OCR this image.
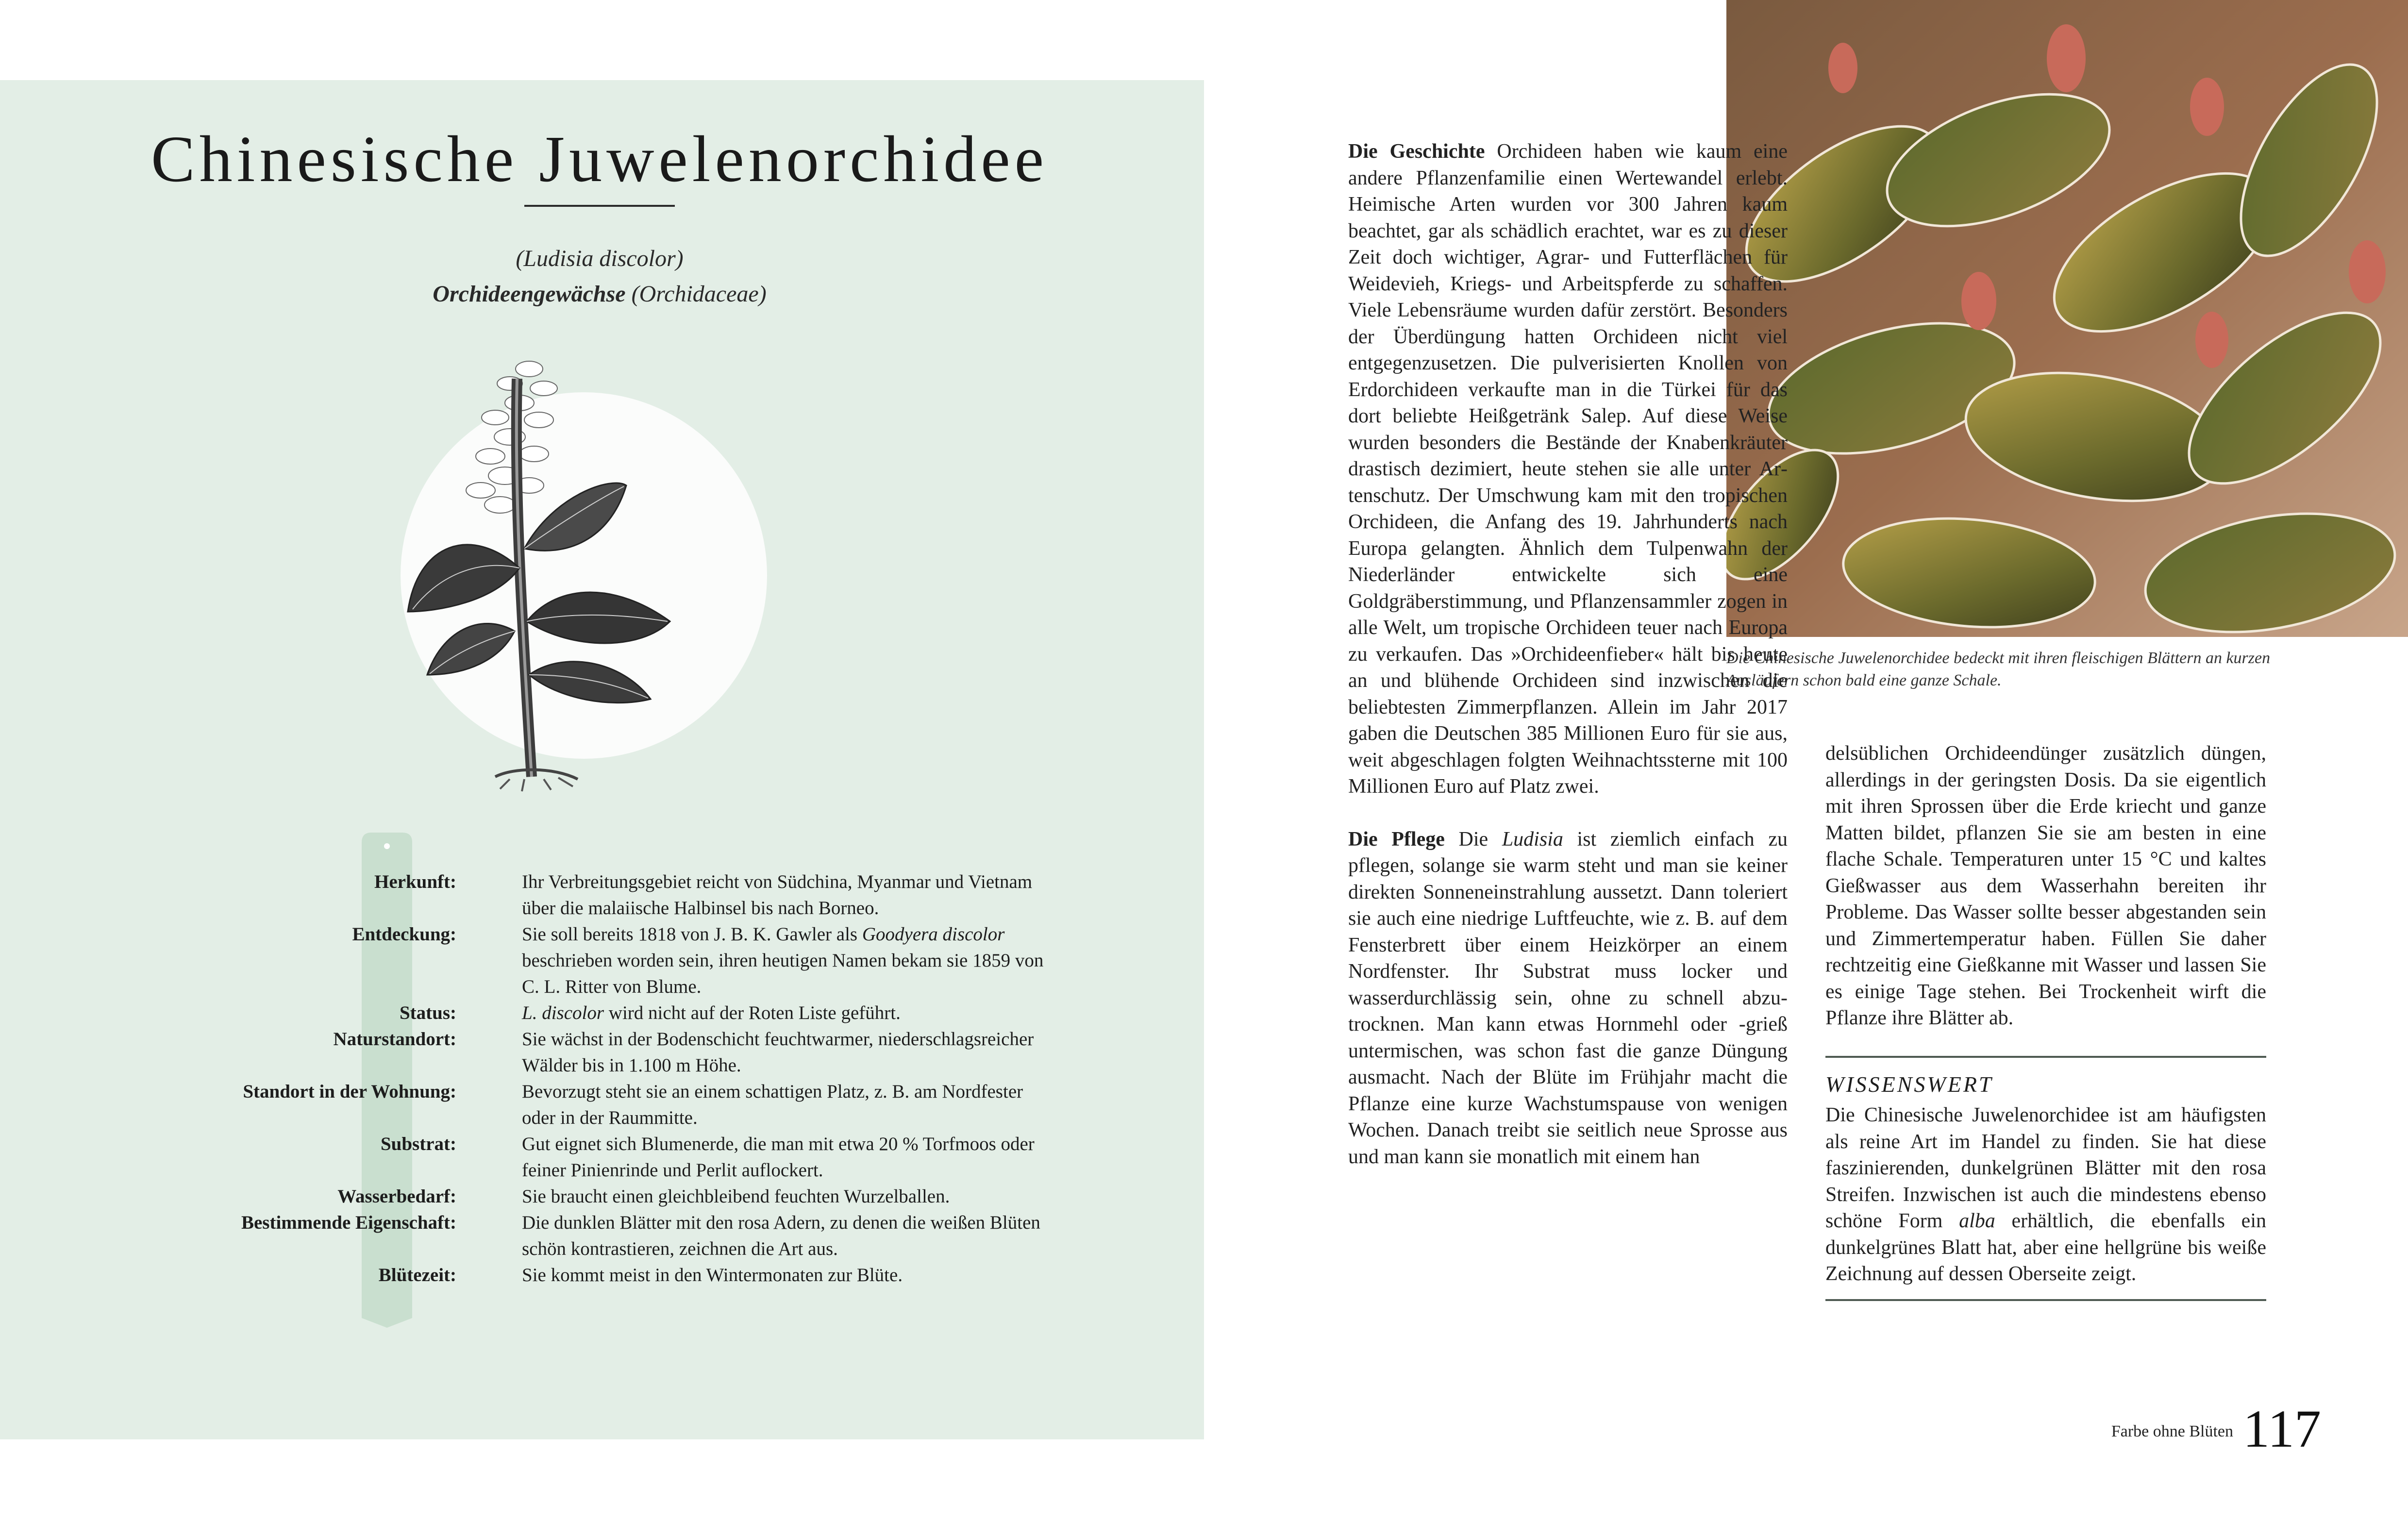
Chinesische Juwelenorchidee
(Ludisia discolor)
Orchideengewächse (Orchidaceae)
Herkunft:	Ihr Verbreitungsgebiet reicht von Südchina, Myanmar und Vietnam über die malaiische Halbinsel bis nach Borneo.
Entdeckung:	Sie soll bereits 1818 von J. B. K. Gawler als Goodyera discolor beschrieben worden sein, ihren heutigen Namen bekam sie 1859 von C. L. Ritter von Blume.
Status:	L. discolor wird nicht auf der Roten Liste geführt.
Naturstandort:	Sie wächst in der Bodenschicht feuchtwarmer, niederschlagsreicher Wälder bis in 1.100 m Höhe.
Standort in der Wohnung:	Bevorzugt steht sie an einem schattigen Platz, z. B. am Nordfester oder in der Raummitte.
Substrat:	Gut eignet sich Blumenerde, die man mit etwa 20 % Torfmoos oder feiner Pinienrinde und Perlit auflockert.
Wasserbedarf:	Sie braucht einen gleichbleibend feuchten Wurzelballen.
Bestimmende Eigenschaft:	Die dunklen Blätter mit den rosa Adern, zu denen die weißen Blüten schön kontrastieren, zeichnen die Art aus.
Blütezeit:	Sie kommt meist in den Wintermonaten zur Blüte.
Die Chinesische Juwelenorchidee bedeckt mit ihren fleischigen Blättern an kurzen Ausläufern schon bald eine ganze Schale.

Die Geschichte Orchideen haben wie kaum eine andere Pflanzenfamilie einen Wertewandel erlebt. Heimische Arten wurden vor 300 Jahren kaum beachtet, gar als schädlich erachtet, war es zu dieser Zeit doch wichtiger, Agrar- und Futterflächen für Weidevieh, Kriegs- und Arbeitspferde zu schaffen. Viele Lebensräume wurden dafür zerstört. Besonders der Überdüngung hatten Orchideen nicht viel entgegenzusetzen. Die pulverisierten Knollen von Erdorchideen verkaufte man in die Türkei für das dort beliebte Heißgetränk Salep. Auf diese Weise wurden besonders die Bestände der Knabenkräuter drastisch dezimiert, heute stehen sie alle unter Artenschutz. Der Umschwung kam mit den tropischen Orchideen, die Anfang des 19. Jahrhunderts nach Europa gelangten. Ähnlich dem Tulpenwahn der Niederländer entwickelte sich eine Goldgräberstimmung, und Pflanzensammler zogen in alle Welt, um tropische Orchideen teuer nach Europa zu verkaufen. Das »Orchideenfieber« hält bis heute an und blühende Orchideen sind inzwischen die beliebtesten Zimmerpflanzen. Allein im Jahr 2017 gaben die Deutschen 385 Millionen Euro für sie aus, weit abgeschlagen folgten Weihnachtssterne mit 100 Millionen Euro auf Platz zwei.

Die Pflege Die Ludisia ist ziemlich einfach zu pflegen, solange sie warm steht und man sie keiner direkten Sonneneinstrahlung aussetzt. Dann toleriert sie auch eine niedrige Luftfeuchte, wie z. B. auf dem Fensterbrett über einem Heizkörper an einem Nordfenster. Ihr Substrat muss locker und wasserdurchlässig sein, ohne zu schnell abzutrocknen. Man kann etwas Hornmehl oder -grieß untermischen, was schon fast die ganze Düngung ausmacht. Nach der Blüte im Frühjahr macht die Pflanze eine kurze Wachstumspause von wenigen Wochen. Danach treibt sie seitlich neue Sprosse aus und man kann sie monatlich mit einem han

delsüblichen Orchideendünger zusätzlich düngen, allerdings in der geringsten Dosis. Da sie eigentlich mit ihren Sprossen über die Erde kriecht und ganze Matten bildet, pflanzen Sie sie am besten in eine flache Schale. Temperaturen unter 15 °C und kaltes Gießwasser aus dem Wasserhahn bereiten ihr Probleme. Das Wasser sollte besser abgestanden sein und Zimmertemperatur haben. Füllen Sie daher rechtzeitig eine Gießkanne mit Wasser und lassen Sie es einige Tage stehen. Bei Trockenheit wirft die Pflanze ihre Blätter ab.

WISSENSWERT
Die Chinesische Juwelenorchidee ist am häufigsten als reine Art im Handel zu finden. Sie hat diese faszinierenden, dunkelgrünen Blätter mit den rosa Streifen. Inzwischen ist auch die mindestens ebenso schöne Form alba erhältlich, die ebenfalls ein dunkelgrünes Blatt hat, aber eine hellgrüne bis weiße Zeichnung auf dessen Oberseite zeigt.
Farbe ohne Blüten 117
